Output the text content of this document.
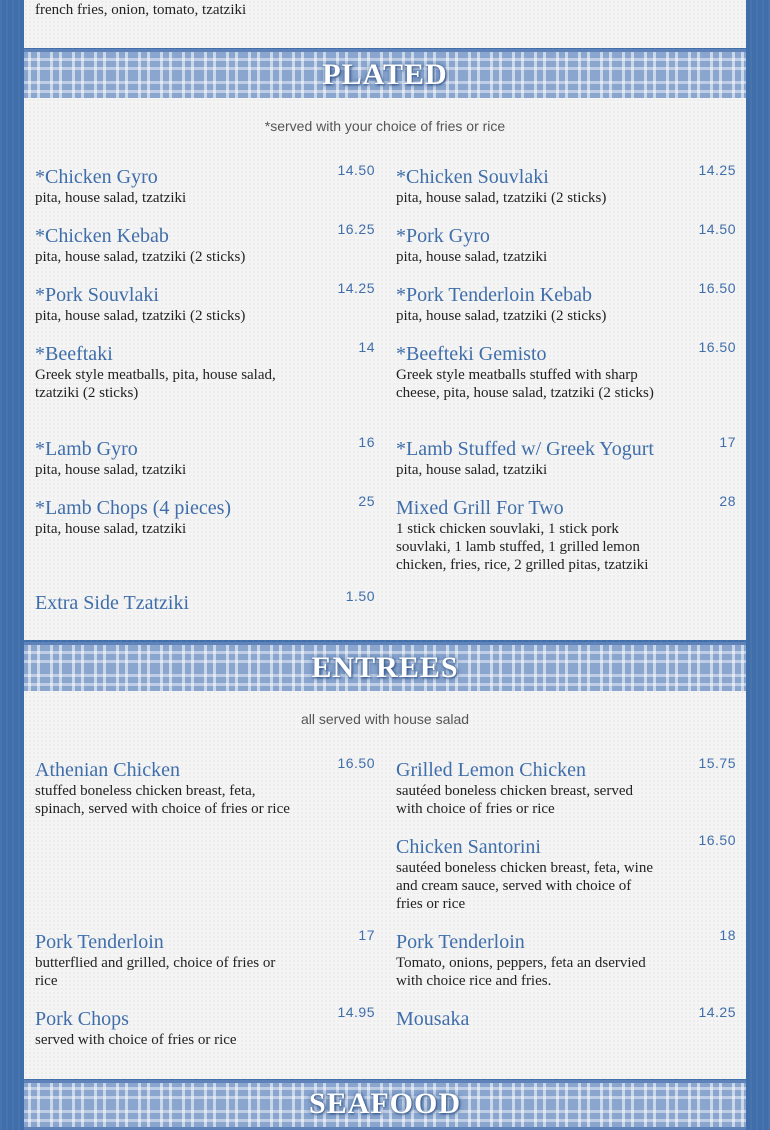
french fries, onion, tomato, tzatziki
PLATED
*served with your choice of fries or rice
*Chicken Gyro
pita, house salad, tzatziki
14.50 *Chicken Souvlaki
pita, house salad, tzatziki (2 sticks)
14.25
*Chicken Kebab
pita, house salad, tzatziki (2 sticks)
16.25 *Pork Gyro
pita, house salad, tzatziki
14.50
*Pork Souvlaki
pita, house salad, tzatziki (2 sticks)
14.25 *Pork Tenderloin Kebab
pita, house salad, tzatziki (2 sticks)
16.50
*Beeftaki
Greek style meatballs, pita, house salad, tzatziki (2 sticks)
14 *Beefteki Gemisto
Greek style meatballs stuffed with sharp cheese, pita, house salad, tzatziki (2 sticks)
16.50
*Lamb Gyro
pita, house salad, tzatziki
16 *Lamb Stuffed w/ Greek Yogurt
pita, house salad, tzatziki
17
*Lamb Chops (4 pieces)
pita, house salad, tzatziki
25 Mixed Grill For Two
1 stick chicken souvlaki, 1 stick pork souvlaki, 1 lamb stuffed, 1 grilled lemon chicken, fries, rice, 2 grilled pitas, tzatziki
28
Extra Side Tzatziki	1.50
ENTREES
all served with house salad
Athenian Chicken
stuffed boneless chicken breast, feta, spinach, served with choice of fries or rice
16.50 Grilled Lemon Chicken
sautéed boneless chicken breast, served with choice of fries or rice
15.75
Chicken Santorini
sautéed boneless chicken breast, feta, wine and cream sauce, served with choice of fries or rice
16.50
Pork Tenderloin
butterflied and grilled, choice of fries or rice
17 Pork Tenderloin
Tomato, onions, peppers, feta an dservied with choice rice and fries.
18
Pork Chops
served with choice of fries or rice
14.95 Mousaka	14.25
SEAFOOD
